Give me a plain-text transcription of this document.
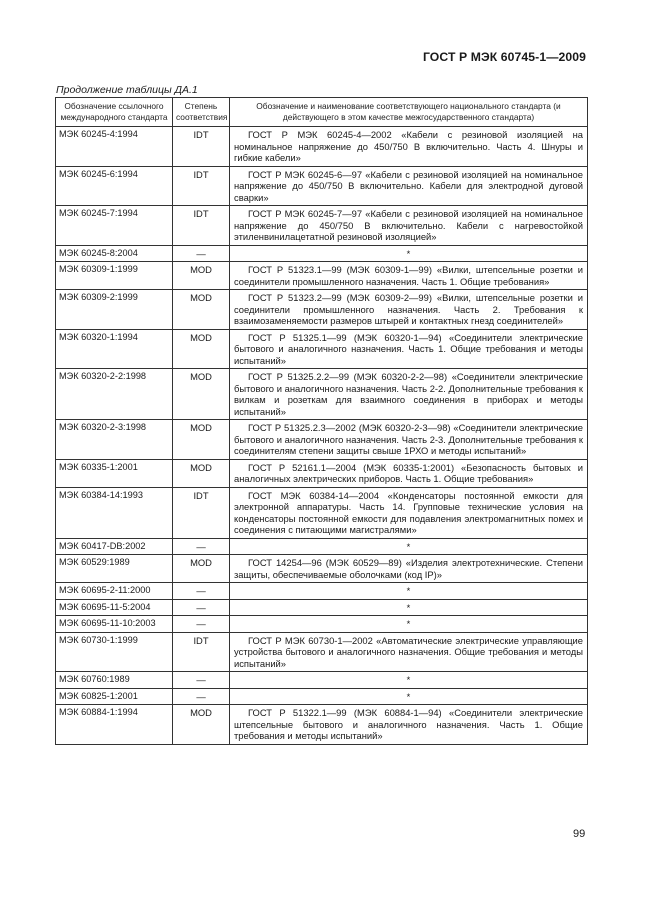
ГОСТ Р МЭК 60745-1—2009
Продолжение таблицы ДА.1
Обозначение ссылочного международного стандарта	Степень соответствия	Обозначение и наименование соответствующего национального стандарта (и действующего в этом качестве межгосударственного стандарта)
МЭК 60245-4:1994	IDT	ГОСТ Р МЭК 60245-4—2002 «Кабели с резиновой изоляцией на номинальное напряжение до 450/750 В включительно. Часть 4. Шнуры и гибкие кабели»
МЭК 60245-6:1994	IDT	ГОСТ Р МЭК 60245-6—97 «Кабели с резиновой изоляцией на номинальное напряжение до 450/750 В включительно. Кабели для электродной дуговой сварки»
МЭК 60245-7:1994	IDT	ГОСТ Р МЭК 60245-7—97 «Кабели с резиновой изоляцией на номинальное напряжение до 450/750 В включительно. Кабели с нагревостойкой этиленвинилацетатной резиновой изоляцией»
МЭК 60245-8:2004	—	*
МЭК 60309-1:1999	MOD	ГОСТ Р 51323.1—99 (МЭК 60309-1—99) «Вилки, штепсельные розетки и соединители промышленного назначения. Часть 1. Общие требования»
МЭК 60309-2:1999	MOD	ГОСТ Р 51323.2—99 (МЭК 60309-2—99) «Вилки, штепсельные розетки и соединители промышленного назначения. Часть 2. Требования к взаимозаменяемости размеров штырей и контактных гнезд соединителей»
МЭК 60320-1:1994	MOD	ГОСТ Р 51325.1—99 (МЭК 60320-1—94) «Соединители электрические бытового и аналогичного назначения. Часть 1. Общие требования и методы испытаний»
МЭК 60320-2-2:1998	MOD	ГОСТ Р 51325.2.2—99 (МЭК 60320-2-2—98) «Соединители электрические бытового и аналогичного назначения. Часть 2-2. Дополнительные требования к вилкам и розеткам для взаимного соединения в приборах и методы испытаний»
МЭК 60320-2-3:1998	MOD	ГОСТ Р 51325.2.3—2002 (МЭК 60320-2-3—98) «Соединители электрические бытового и аналогичного назначения. Часть 2-3. Дополнительные требования к соединителям степени защиты свыше 1РХО и методы испытаний»
МЭК 60335-1:2001	MOD	ГОСТ Р 52161.1—2004 (МЭК 60335-1:2001) «Безопасность бытовых и аналогичных электрических приборов. Часть 1. Общие требования»
МЭК 60384-14:1993	IDT	ГОСТ МЭК 60384-14—2004 «Конденсаторы постоянной емкости для электронной аппаратуры. Часть 14. Групповые технические условия на конденсаторы постоянной емкости для подавления электромагнитных помех и соединения с питающими магистралями»
МЭК 60417-DB:2002	—	*
МЭК 60529:1989	MOD	ГОСТ 14254—96 (МЭК 60529—89) «Изделия электротехнические. Степени защиты, обеспечиваемые оболочками (код IP)»
МЭК 60695-2-11:2000	—	*
МЭК 60695-11-5:2004	—	*
МЭК 60695-11-10:2003	—	*
МЭК 60730-1:1999	IDT	ГОСТ Р МЭК 60730-1—2002 «Автоматические электрические управляющие устройства бытового и аналогичного назначения. Общие требования и методы испытаний»
МЭК 60760:1989	—	*
МЭК 60825-1:2001	—	*
МЭК 60884-1:1994	MOD	ГОСТ Р 51322.1—99 (МЭК 60884-1—94) «Соединители электрические штепсельные бытового и аналогичного назначения. Часть 1. Общие требования и методы испытаний»
99
